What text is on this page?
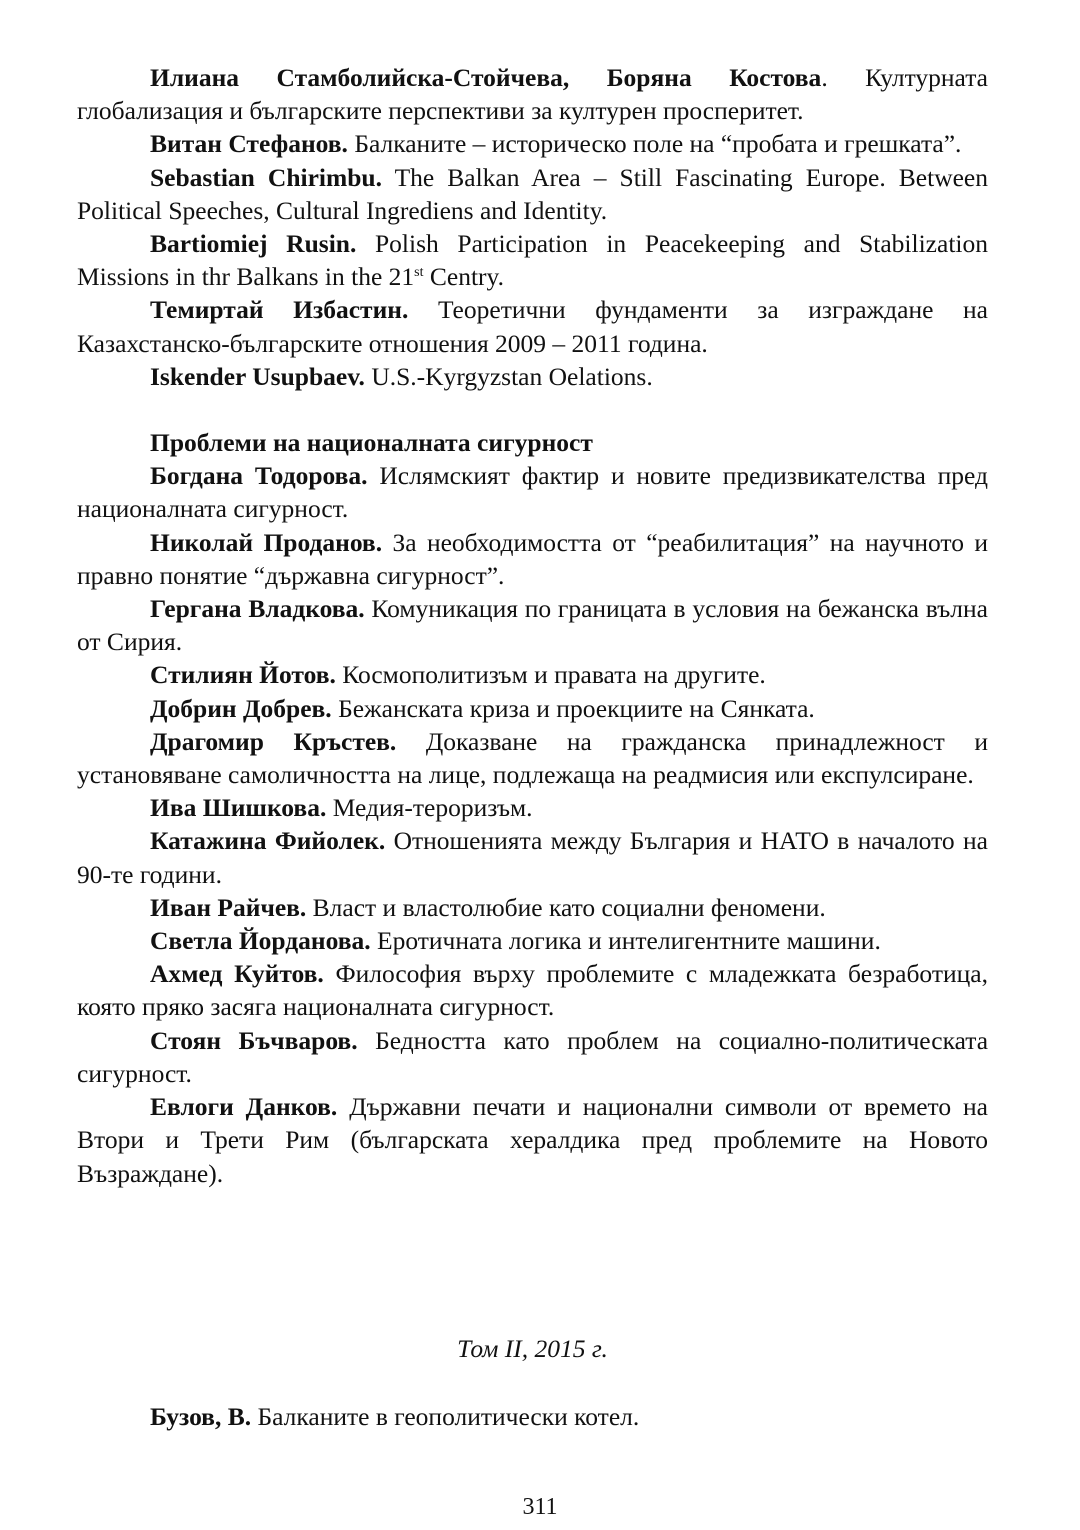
Илиана Стамболийска-Стойчева, Боряна Костова. Културната глобализация и българските перспективи за културен просперитет.

Витан Стефанов. Балканите – историческо поле на “пробата и грешката”.

Sebastian Chirimbu. The Balkan Area – Still Fascinating Europe. Between Political Speeches, Cultural Ingrediens and Identity.

Bartiomiej Rusin. Polish Participation in Peacekeeping and Stabilization Missions in thr Balkans in the 21st Centry.

Темиртай Избастин. Теоретични фундаменти за изграждане на Казахстанско-българските отношения 2009 – 2011 година.

Iskender Usupbaev. U.S.-Kyrgyzstan Oelations.

Проблеми на националната сигурност

Богдана Тодорова. Ислямският фактир и новите предизвикателства пред националната сигурност.

Николай Проданов. За необходимостта от “реабилитация” на научното и правно понятие “държавна сигурност”.

Гергана Владкова. Комуникация по границата в условия на бежанска вълна от Сирия.

Стилиян Йотов. Космополитизъм и правата на другите.

Добрин Добрев. Бежанската криза и проекциите на Сянката.

Драгомир Кръстев. Доказване на гражданска принадлежност и установяване самоличността на лице, подлежаща на реадмисия или експулсиране.

Ива Шишкова. Медия-тероризъм.

Катажина Фийолек. Отношенията между България и НАТО в началото на 90-те години.

Иван Райчев. Власт и властолюбие като социални феномени.

Светла Йорданова. Еротичната логика и интелигентните машини.

Ахмед Куйтов. Философия върху проблемите с младежката безработица, която пряко засяга националната сигурност.

Стоян Бъчваров. Бедността като проблем на социално-политическата сигурност.

Евлоги Данков. Държавни печати и национални символи от времето на Втори и Трети Рим (българската хералдика пред проблемите на Новото Възраждане).

Том II, 2015 г.

Бузов, В. Балканите в геополитически котел.

311
